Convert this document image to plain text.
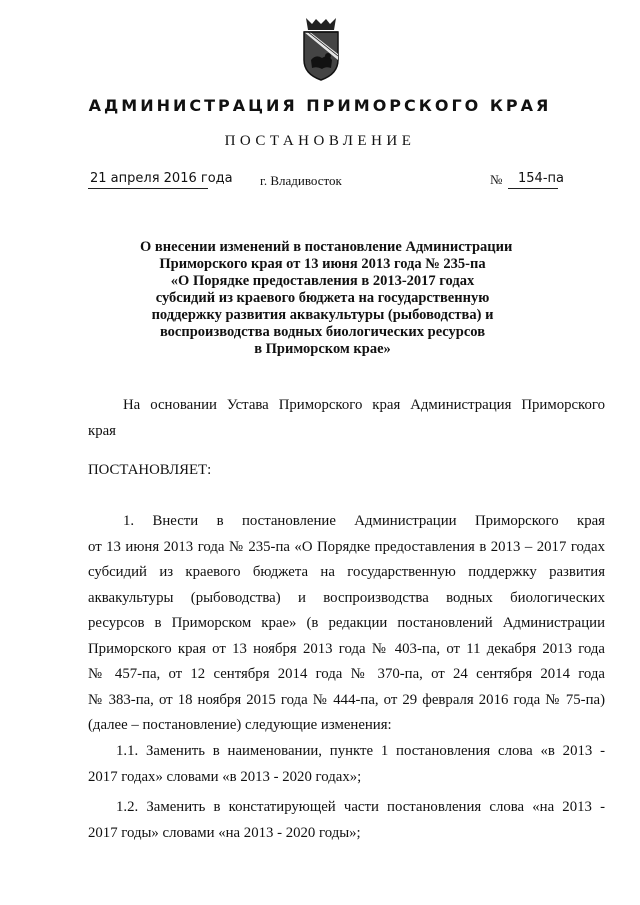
АДМИНИСТРАЦИЯ ПРИМОРСКОГО КРАЯ
ПОСТАНОВЛЕНИЕ
21 апреля 2016 года г. Владивосток	№ 154-па
О внесении изменений в постановление Администрации
Приморского края от 13 июня 2013 года № 235-па
«О Порядке предоставления в 2013-2017 годах
субсидий из краевого бюджета на государственную
поддержку развития аквакультуры (рыбоводства) и
воспроизводства водных биологических ресурсов
в Приморском крае»
На основании Устава Приморского края Администрация Приморского
края
ПОСТАНОВЛЯЕТ:
1. Внести в постановление Администрации Приморского края
от 13 июня 2013 года № 235-па «О Порядке предоставления в 2013 – 2017 годах
субсидий из краевого бюджета на государственную поддержку развития
аквакультуры (рыбоводства) и воспроизводства водных биологических
ресурсов в Приморском крае» (в редакции постановлений Администрации
Приморского края от 13 ноября 2013 года № 403-па, от 11 декабря 2013 года
№ 457-па, от 12 сентября 2014 года № 370-па, от 24 сентября 2014 года
№ 383-па, от 18 ноября 2015 года № 444-па, от 29 февраля 2016 года № 75-па)
(далее – постановление) следующие изменения:
1.1. Заменить в наименовании, пункте 1 постановления слова «в 2013 -
2017 годах» словами «в 2013 - 2020 годах»;
1.2. Заменить в констатирующей части постановления слова «на 2013 -
2017 годы» словами «на 2013 - 2020 годы»;
